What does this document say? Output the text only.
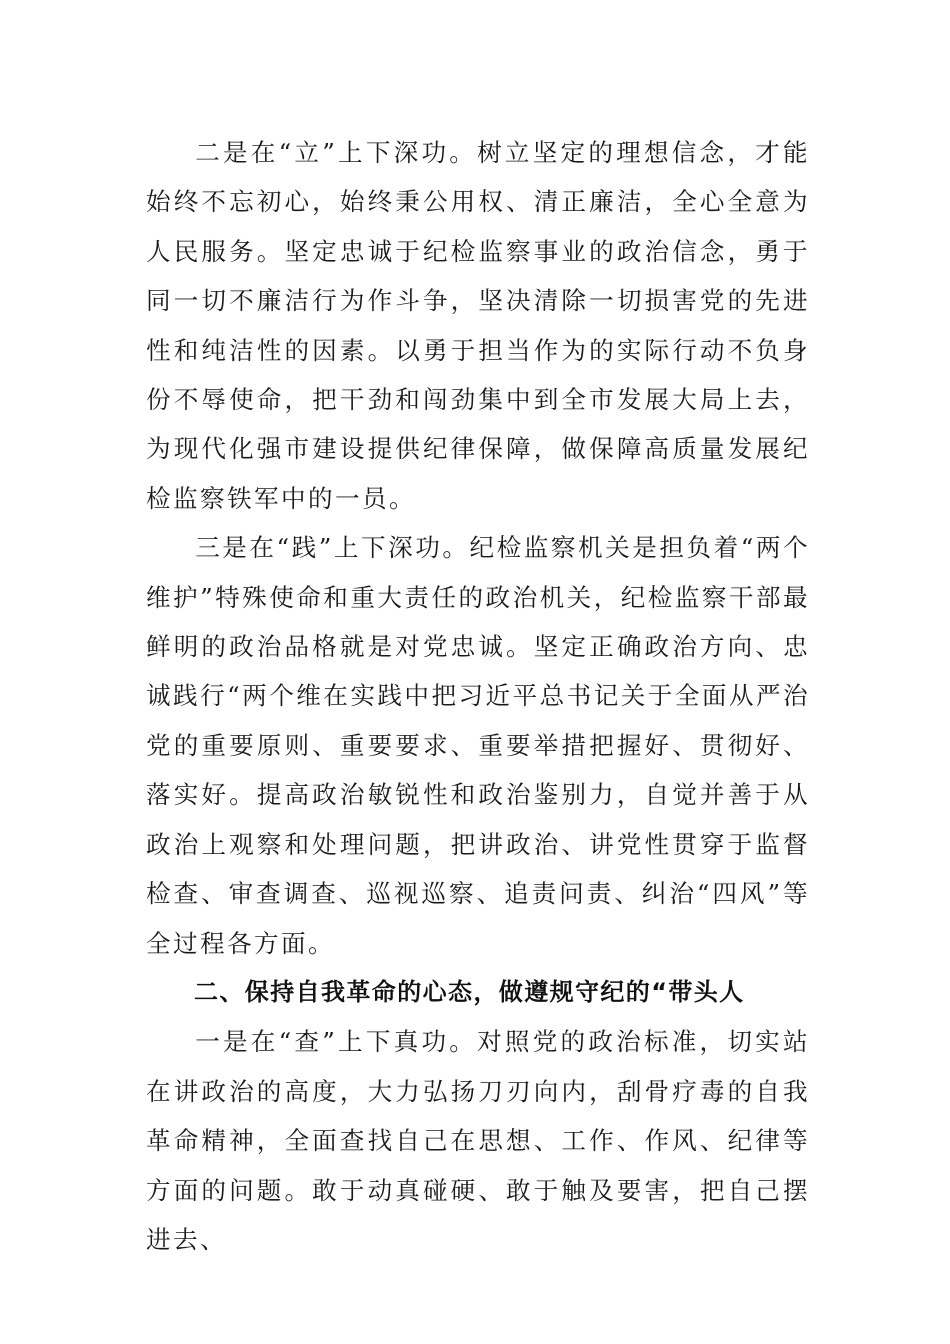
二是在“立”上下深功。树立坚定的理想信念，才能始终不忘初心，始终秉公用权、清正廉洁，全心全意为人民服务。坚定忠诚于纪检监察事业的政治信念，勇于同一切不廉洁行为作斗争，坚决清除一切损害党的先进性和纯洁性的因素。以勇于担当作为的实际行动不负身份不辱使命，把干劲和闯劲集中到全市发展大局上去，为现代化强市建设提供纪律保障，做保障高质量发展纪检监察铁军中的一员。

三是在“践”上下深功。纪检监察机关是担负着“两个维护”特殊使命和重大责任的政治机关，纪检监察干部最鲜明的政治品格就是对党忠诚。坚定正确政治方向、忠诚践行“两个维在实践中把习近平总书记关于全面从严治党的重要原则、重要要求、重要举措把握好、贯彻好、落实好。提高政治敏锐性和政治鉴别力，自觉并善于从政治上观察和处理问题，把讲政治、讲党性贯穿于监督检查、审查调查、巡视巡察、追责问责、纠治“四风”等全过程各方面。

二、保持自我革命的心态，做遵规守纪的“带头人

一是在“查”上下真功。对照党的政治标准，切实站在讲政治的高度，大力弘扬刀刃向内，刮骨疗毒的自我革命精神，全面查找自己在思想、工作、作风、纪律等方面的问题。敢于动真碰硬、敢于触及要害，把自己摆进去、
